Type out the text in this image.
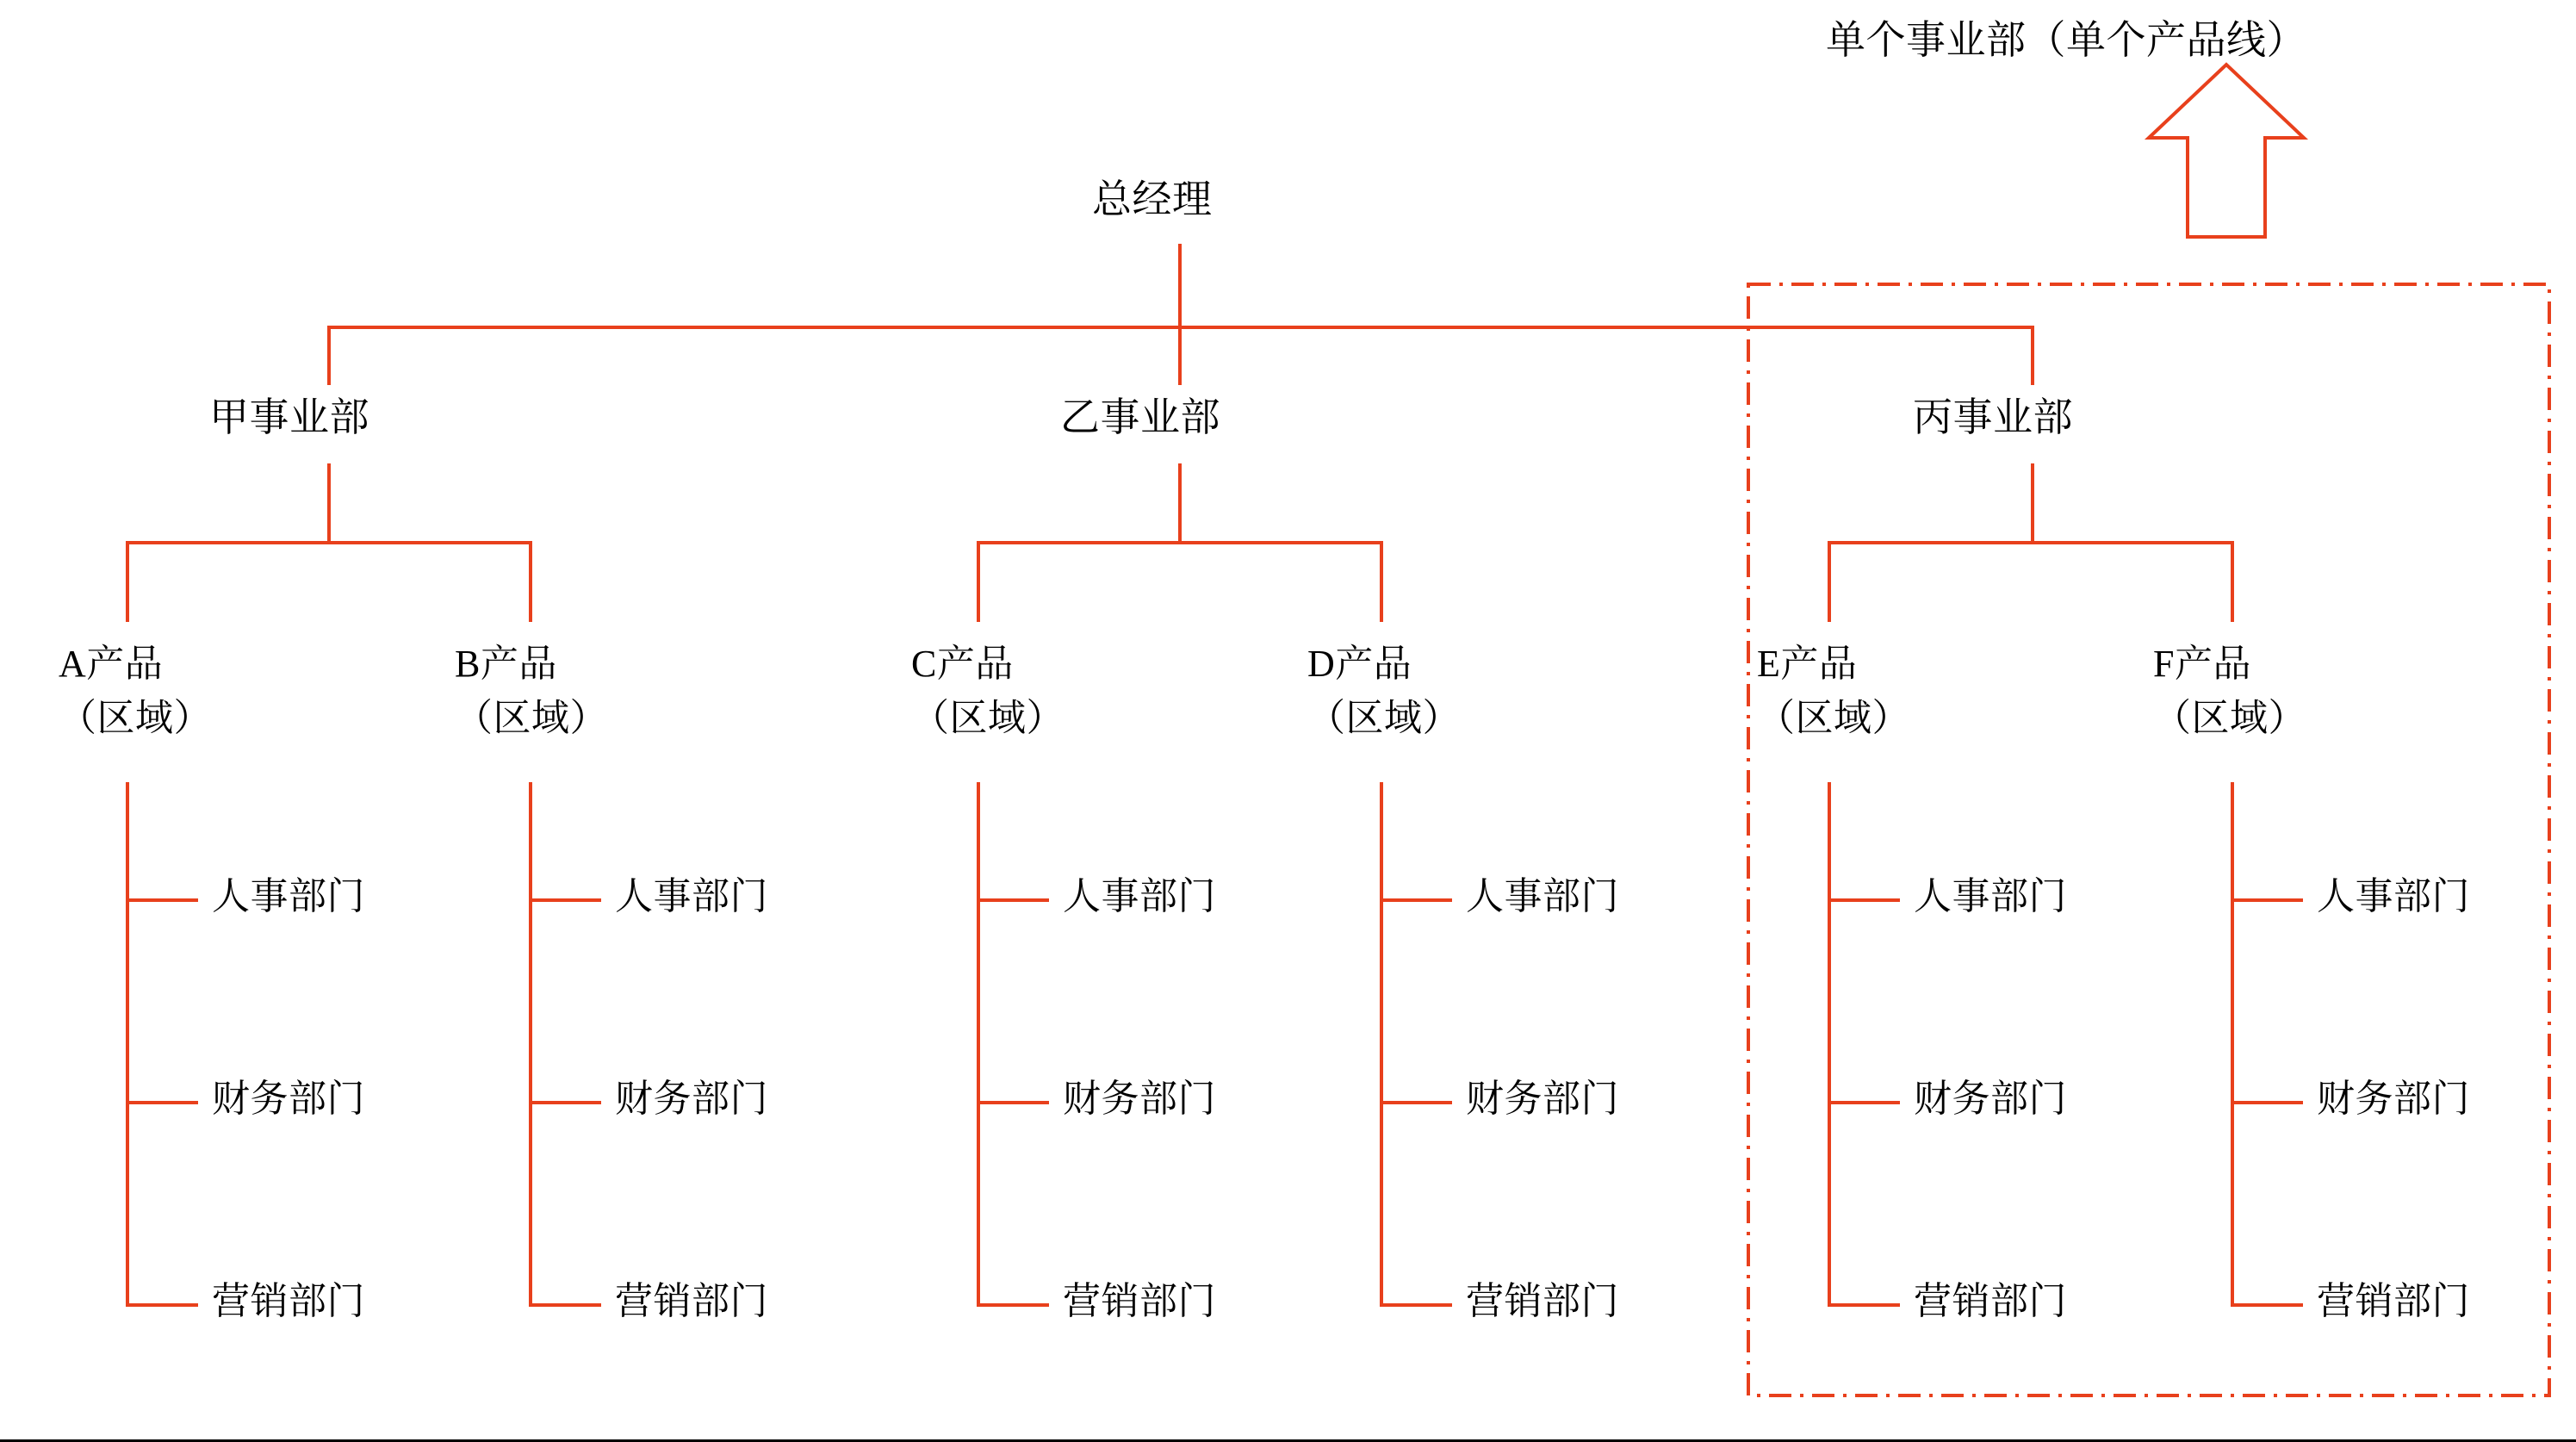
单个事业部（单个产品线）
总经理
甲事业部	乙事业部	丙事业部
A产品
（区域）
B产品
（区域）
C产品
（区域）
D产品
（区域）
E产品
（区域）
F产品
（区域）
人事部门
财务部门
营销部门
人事部门
财务部门
营销部门
人事部门
财务部门
营销部门
人事部门
财务部门
营销部门
人事部门
财务部门
营销部门
人事部门
财务部门
营销部门
